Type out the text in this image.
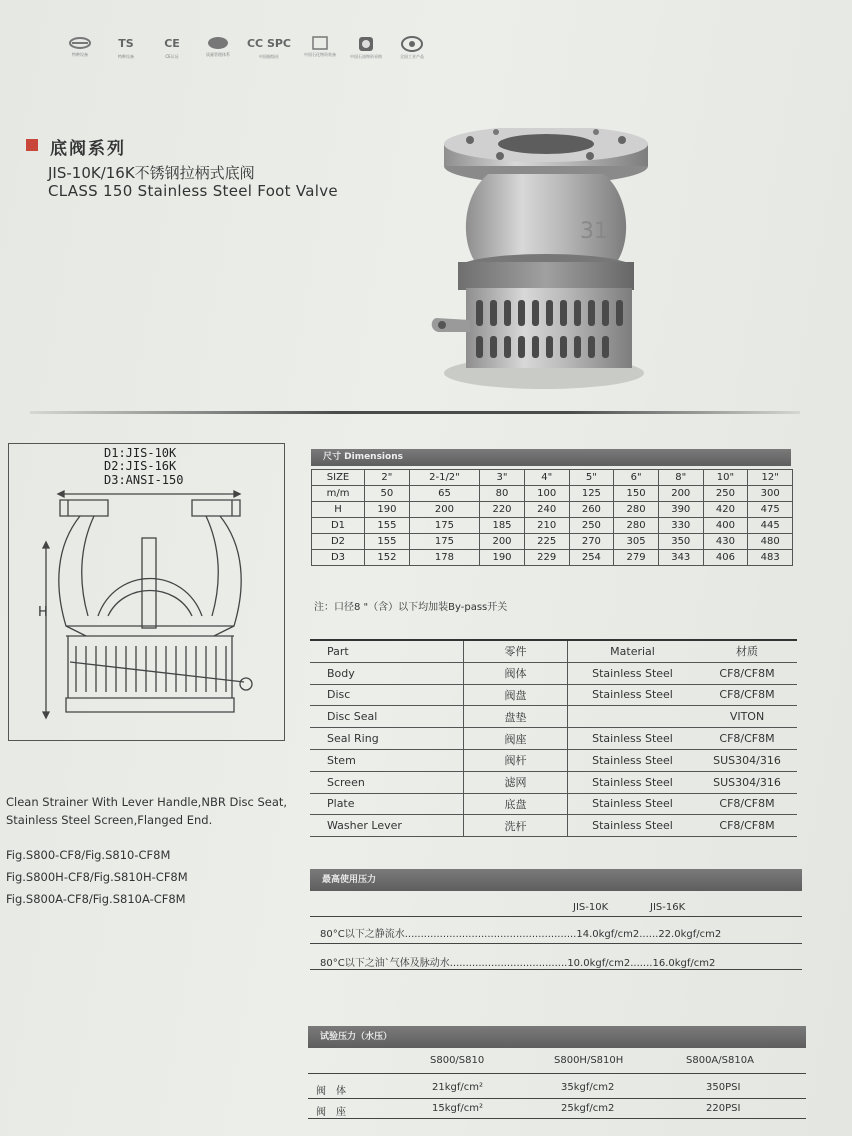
特种设备
TS
特种设备
CE
CE认证	质量管理体系
CC SPC
中国船级社	中国石化物资装备	中国石油物资采购	全国工业产品
底阀系列
JIS-10K/16K不锈钢拉柄式底阀
CLASS 150 Stainless Steel Foot Valve
31
D1:JIS-10K
D2:JIS-16K
D3:ANSI-150
H
尺寸 Dimensions
SIZE	2"	2-1/2"	3"	4"	5"	6"	8"	10"	12"
m/m	50	65	80	100	125	150	200	250	300
H	190	200	220	240	260	280	390	420	475
D1	155	175	185	210	250	280	330	400	445
D2	155	175	200	225	270	305	350	430	480
D3	152	178	190	229	254	279	343	406	483
注：口径8 "（含）以下均加装By-pass开关
Part	零件	Material	材质
Body	阀体	Stainless Steel	CF8/CF8M
Disc	阀盘	Stainless Steel	CF8/CF8M
Disc Seal	盘垫		VITON
Seal Ring	阀座	Stainless Steel	CF8/CF8M
Stem	阀杆	Stainless Steel	SUS304/316
Screen	滤网	Stainless Steel	SUS304/316
Plate	底盘	Stainless Steel	CF8/CF8M
Washer Lever	洗杆	Stainless Steel	CF8/CF8M
Clean Strainer With Lever Handle,NBR Disc Seat,
Stainless Steel Screen,Flanged End.
Fig.S800-CF8/Fig.S810-CF8M
Fig.S800H-CF8/Fig.S810H-CF8M
Fig.S800A-CF8/Fig.S810A-CF8M
最高使用压力
JIS-10K	JIS-16K
80°C以下之静流水......................................................14.0kgf/cm2......22.0kgf/cm2
80°C以下之油`气体及脉动水.....................................10.0kgf/cm2.......16.0kgf/cm2
试验压力（水压）
S800/S810	S800H/S810H	S800A/S810A
阀　体	21kgf/cm²	35kgf/cm2	350PSI
阀　座	15kgf/cm²	25kgf/cm2	220PSI
